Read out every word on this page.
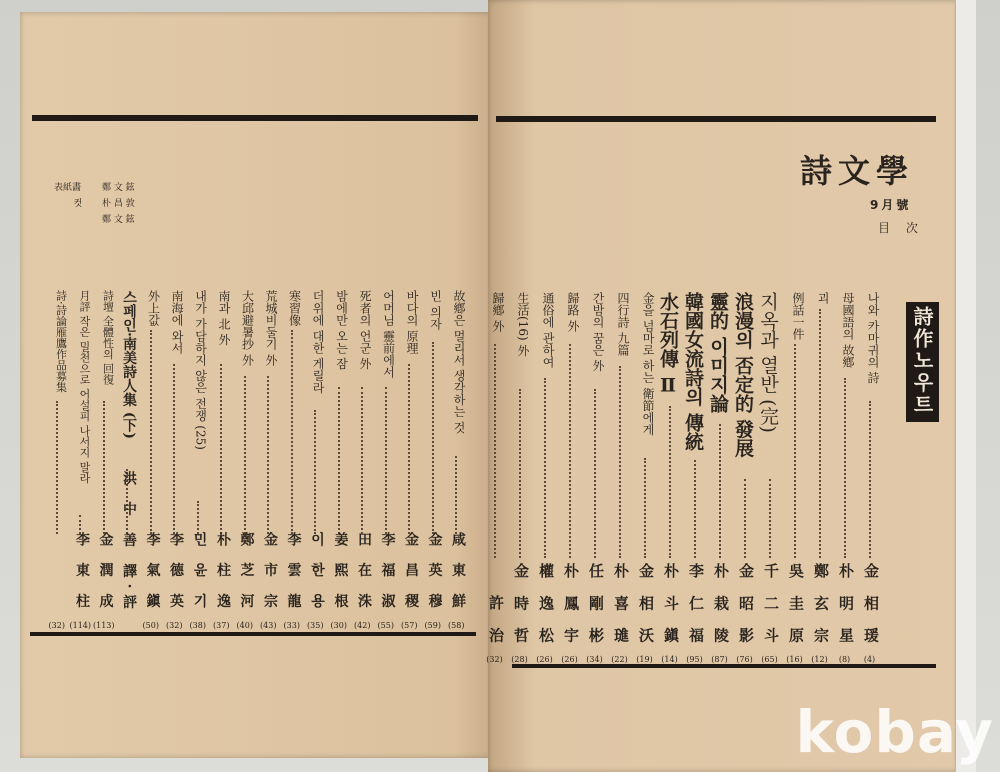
表紙畵 鄭 文 鉉
컷 朴 昌 敦
鄭 文 鉉
故鄕은 멀리서 생각하는 것
咸 東 鮮
(58)
빈 의자
金 英 穆
(59)
바다의 原理
金 昌 稷
(57)
어머님 靈前에서
李 福 淑
(55)
死者의 언군 外
田 在 洙
(42)
밤에만 오는 잠
姜 熙 根
(30)
더위에 대한 게릴라
이 한 용
(35)
寒習像
李 雲 龍
(33)
荒城비둘기 外
金 市 宗
(43)
大邱避暑抄 外
鄭 芝 河
(40)
南과 北 外
朴 柱 逸
(37)
내가 가담하지 않은 전쟁 (25)
민 윤 기
(38)
南海에 와서
李 德 英
(32)
外上값
李 氣 鎭
(50)
스페인·南美詩人集 (下)
洪 中 善 譯·評
詩壇 全體性의 回復
金 潤 成
(113)
月評 작은 밀천으로 어설피 나서지 말라
李 東 柱
(114)
詩·詩論雁鷹作品募集
(32)
詩文學
9月號
目 次
詩作노우트
나와 카마귀의 詩
金 相 瑗
(4)
母國語의 故鄕
朴 明 星
(8)
괴
鄭 玄 宗
(12)
例話一件
吳 圭 原
(16)
지옥과 열반 (完)
千 二 斗
(65)
浪漫의 否定的 發展
金 昭 影
(76)
靈的 이미지論
朴 栽 陵
(87)
韓國女流詩의 傳統
李 仁 福
(95)
水石列傳 Ⅱ
朴 斗 鎭
(14)
金을 넘마로 하는 衛節에게
金 相 沃
(19)
四行詩 九篇
朴 喜 璡
(22)
간밤의 꿈은 外
任 剛 彬
(34)
歸路 外
朴 鳳 宇
(26)
通俗에 관하여
權 逸 松
(26)
生活(16) 外
金 時 哲
(28)
歸鄕 外
許 治
(32)
kobay
